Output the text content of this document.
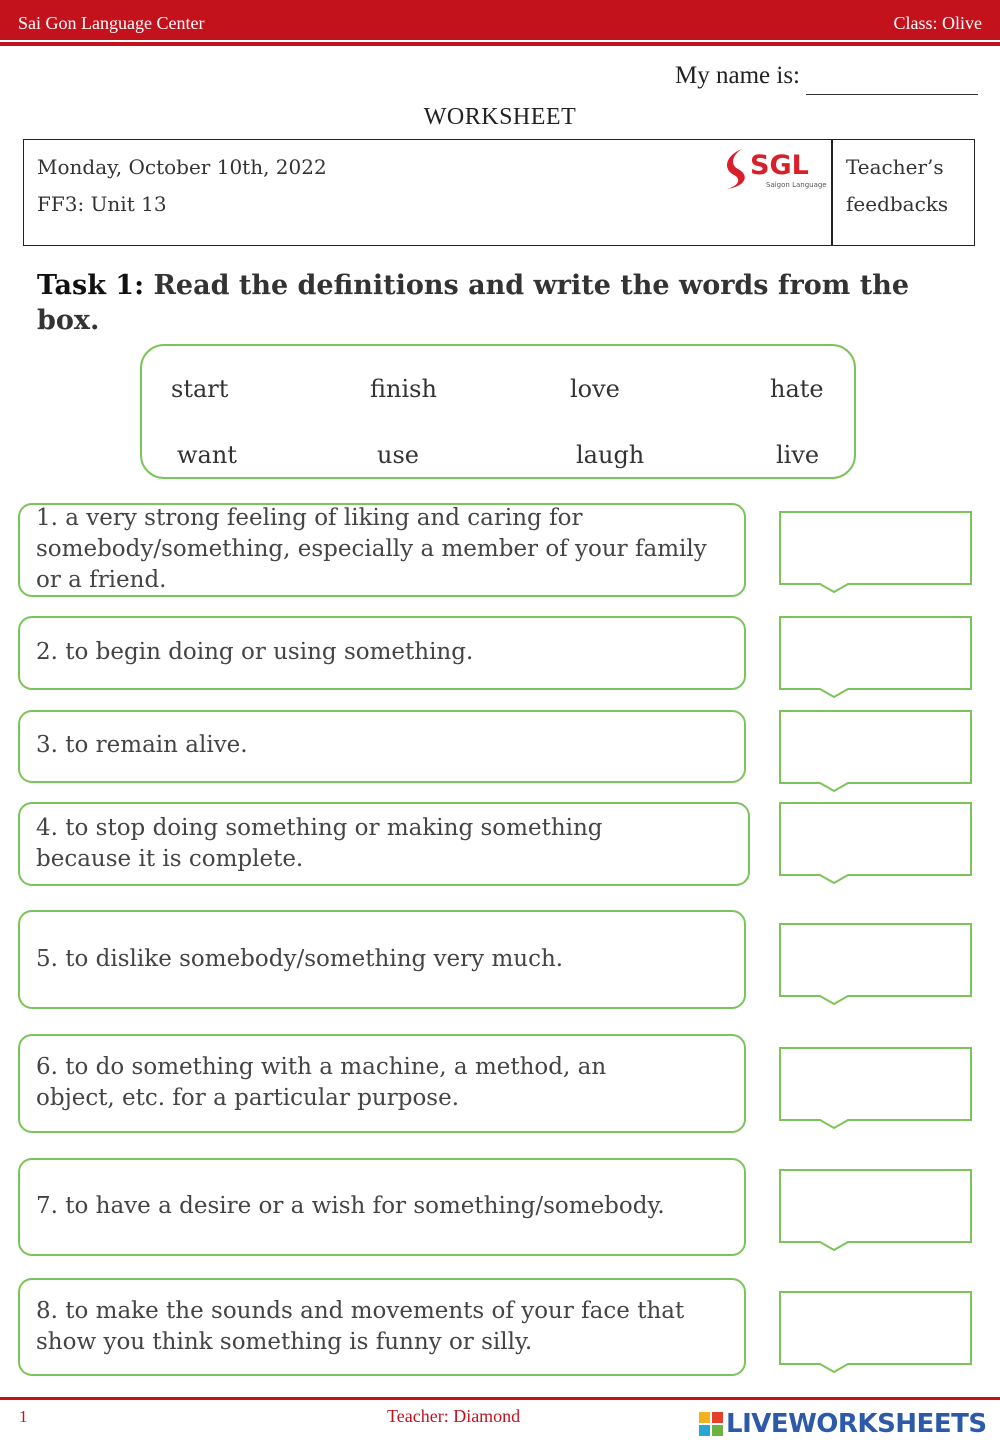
Sai Gon Language Center	Class: Olive
My name is:
WORKSHEET
Monday, October 10th, 2022
FF3: Unit 13
Teacher’s
feedbacks
SGL
Saigon Language
Task 1: Read the definitions and write the words from the box.
start	finish	love	hate
want	use	laugh	live
1. a very strong feeling of liking and caring for somebody/something, especially a member of your family or a friend.
2. to begin doing or using something.
3. to remain alive.
4. to stop doing something or making something because it is complete.
5. to dislike somebody/something very much.
6. to do something with a machine, a method, an object, etc. for a particular purpose.
7. to have a desire or a wish for something/somebody.
8. to make the sounds and movements of your face that show you think something is funny or silly.
1	Teacher: Diamond	LIVEWORKSHEETS
